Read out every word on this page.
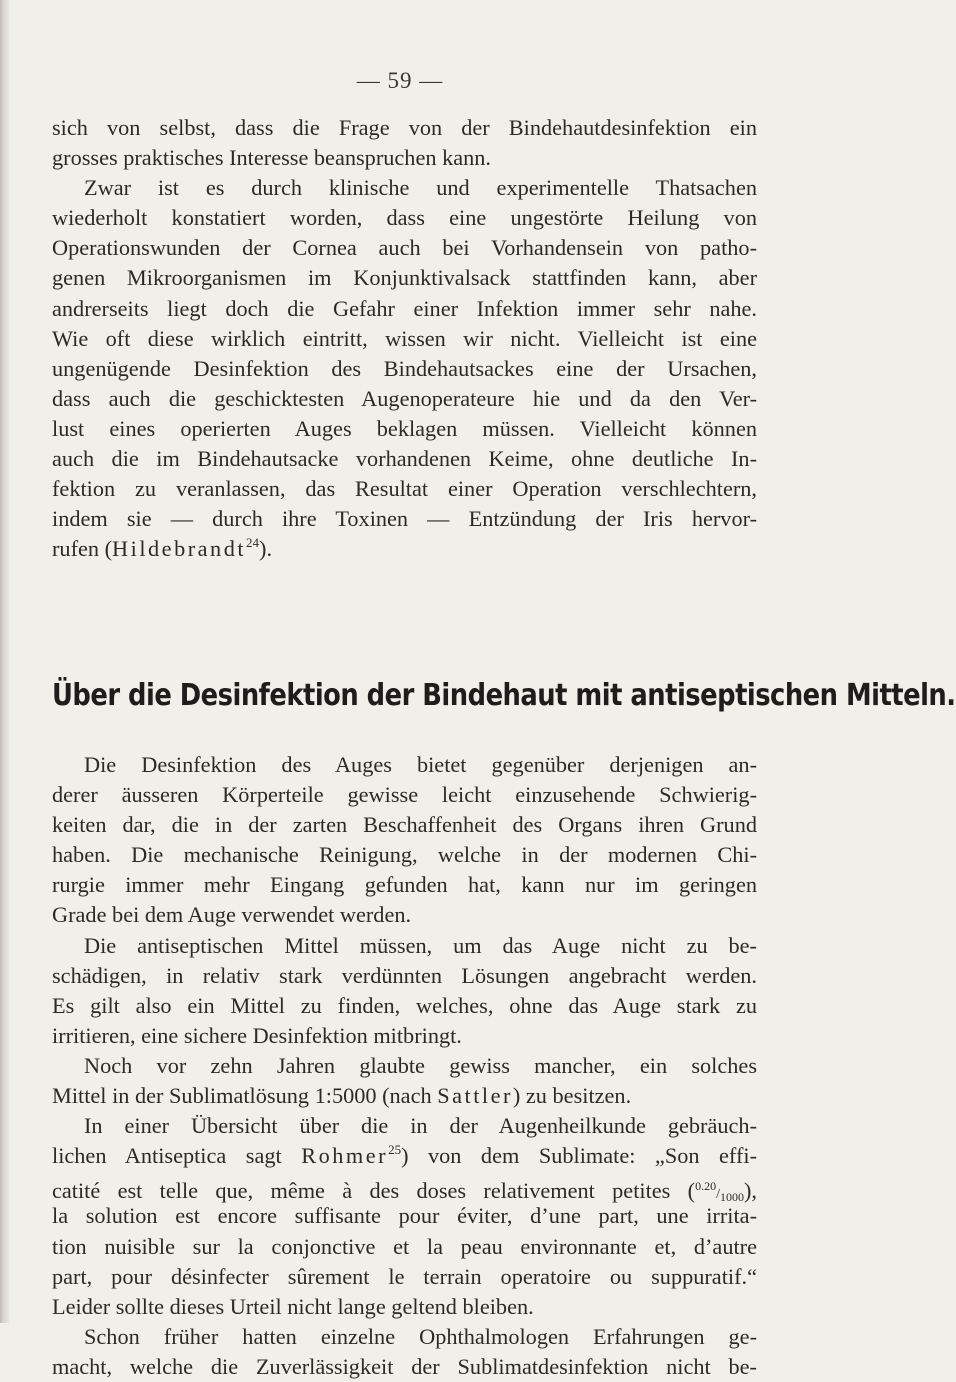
— 59 —
sich von selbst, dass die Frage von der Bindehautdesinfektion ein
grosses praktisches Interesse beanspruchen kann.
Zwar ist es durch klinische und experimentelle Thatsachen
wiederholt konstatiert worden, dass eine ungestörte Heilung von
Operationswunden der Cornea auch bei Vorhandensein von patho-
genen Mikroorganismen im Konjunktivalsack stattfinden kann, aber
andrerseits liegt doch die Gefahr einer Infektion immer sehr nahe.
Wie oft diese wirklich eintritt, wissen wir nicht. Vielleicht ist eine
ungenügende Desinfektion des Bindehautsackes eine der Ursachen,
dass auch die geschicktesten Augenoperateure hie und da den Ver-
lust eines operierten Auges beklagen müssen. Vielleicht können
auch die im Bindehautsacke vorhandenen Keime, ohne deutliche In-
fektion zu veranlassen, das Resultat einer Operation verschlechtern,
indem sie — durch ihre Toxinen — Entzündung der Iris hervor-
rufen (Hildebrandt$^{24}$).
Über die Desinfektion der Bindehaut mit antiseptischen Mitteln.
Die Desinfektion des Auges bietet gegenüber derjenigen an-
derer äusseren Körperteile gewisse leicht einzusehende Schwierig-
keiten dar, die in der zarten Beschaffenheit des Organs ihren Grund
haben. Die mechanische Reinigung, welche in der modernen Chi-
rurgie immer mehr Eingang gefunden hat, kann nur im geringen
Grade bei dem Auge verwendet werden.
Die antiseptischen Mittel müssen, um das Auge nicht zu be-
schädigen, in relativ stark verdünnten Lösungen angebracht werden.
Es gilt also ein Mittel zu finden, welches, ohne das Auge stark zu
irritieren, eine sichere Desinfektion mitbringt.
Noch vor zehn Jahren glaubte gewiss mancher, ein solches
Mittel in der Sublimatlösung 1:5000 (nach Sattler) zu besitzen.
In einer Übersicht über die in der Augenheilkunde gebräuch-
lichen Antiseptica sagt Rohmer$^{25}$) von dem Sublimate: „Son effi-
catité est telle que, même à des doses relativement petites (0.20/1000),
la solution est encore suffisante pour éviter, d’une part, une irrita-
tion nuisible sur la conjonctive et la peau environnante et, d’autre
part, pour désinfecter sûrement le terrain operatoire ou suppuratif.“
Leider sollte dieses Urteil nicht lange geltend bleiben.
Schon früher hatten einzelne Ophthalmologen Erfahrungen ge-
macht, welche die Zuverlässigkeit der Sublimatdesinfektion nicht be-
